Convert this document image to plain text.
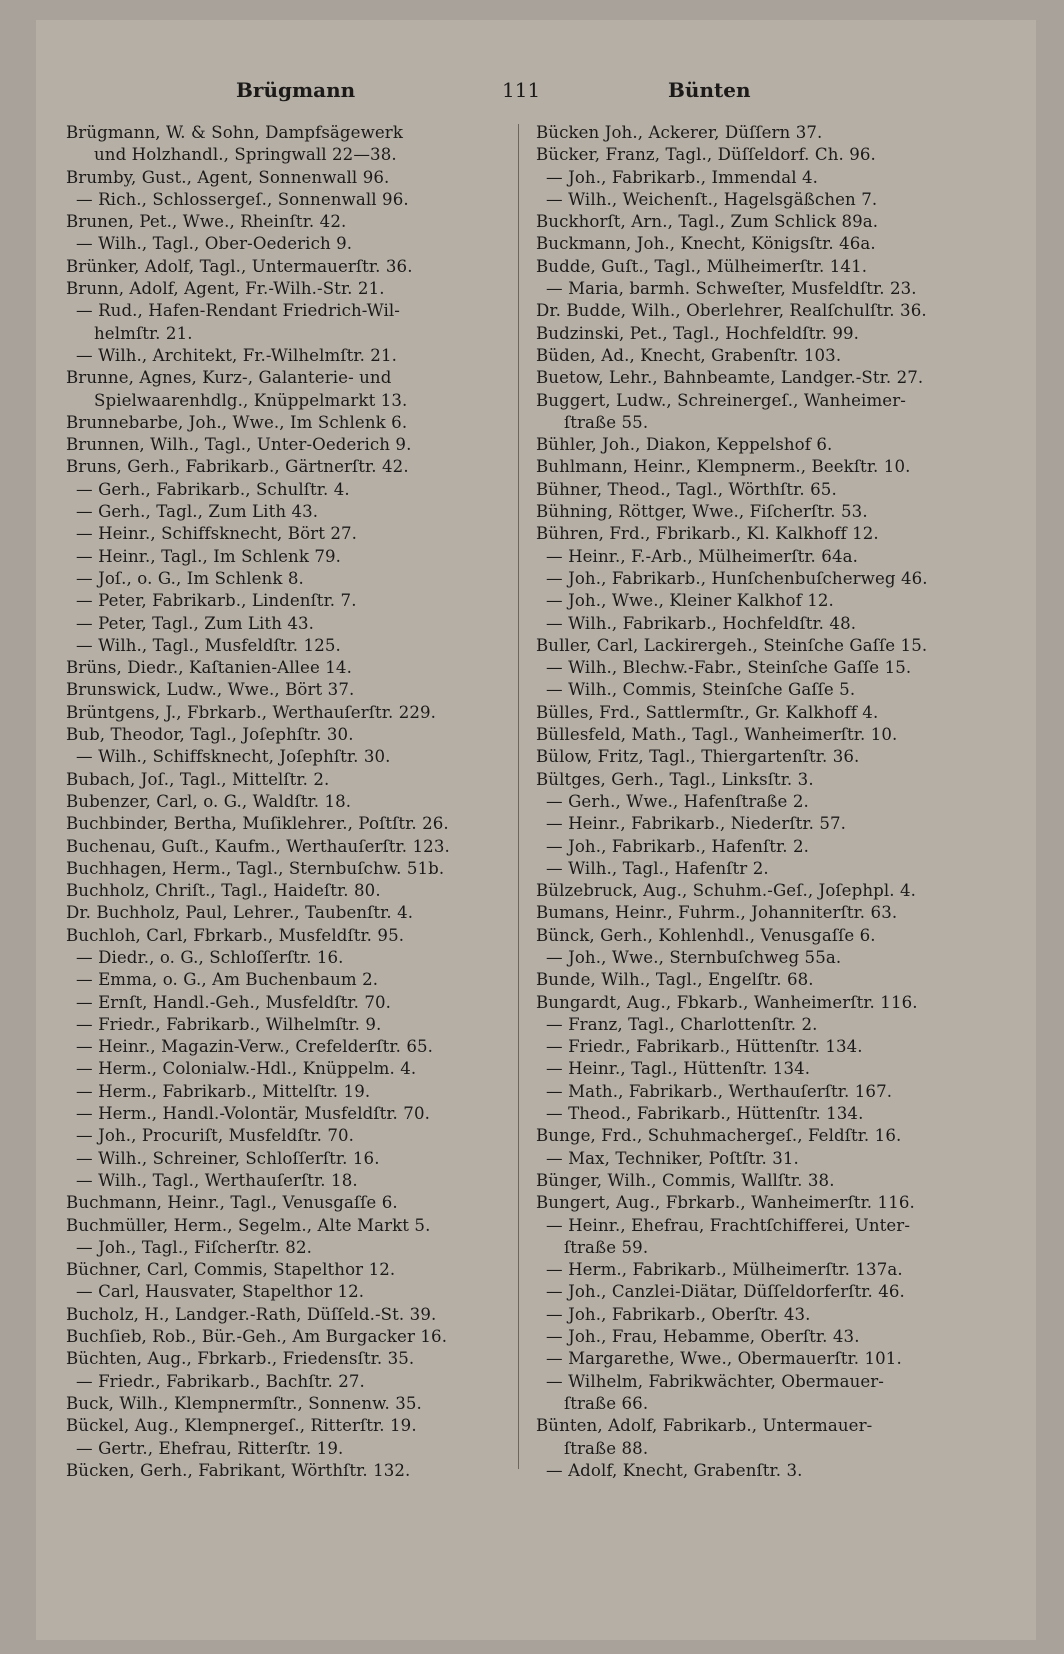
Brügmann	111	Bünten
Brügmann, W. & Sohn, Dampfsägewerk
und Holzhandl., Springwall 22—38.
Brumby, Gust., Agent, Sonnenwall 96.
— Rich., Schlossergeſ., Sonnenwall 96.
Brunen, Pet., Wwe., Rheinſtr. 42.
— Wilh., Tagl., Ober-Oederich 9.
Brünker, Adolf, Tagl., Untermauerſtr. 36.
Brunn, Adolf, Agent, Fr.-Wilh.-Str. 21.
— Rud., Hafen-Rendant Friedrich-Wil-
helmſtr. 21.
— Wilh., Architekt, Fr.-Wilhelmſtr. 21.
Brunne, Agnes, Kurz-, Galanterie- und
Spielwaarenhdlg., Knüppelmarkt 13.
Brunnebarbe, Joh., Wwe., Im Schlenk 6.
Brunnen, Wilh., Tagl., Unter-Oederich 9.
Bruns, Gerh., Fabrikarb., Gärtnerſtr. 42.
— Gerh., Fabrikarb., Schulſtr. 4.
— Gerh., Tagl., Zum Lith 43.
— Heinr., Schiffsknecht, Bört 27.
— Heinr., Tagl., Im Schlenk 79.
— Joſ., o. G., Im Schlenk 8.
— Peter, Fabrikarb., Lindenſtr. 7.
— Peter, Tagl., Zum Lith 43.
— Wilh., Tagl., Musfeldſtr. 125.
Brüns, Diedr., Kaſtanien-Allee 14.
Brunswick, Ludw., Wwe., Bört 37.
Brüntgens, J., Fbrkarb., Werthauſerſtr. 229.
Bub, Theodor, Tagl., Joſephſtr. 30.
— Wilh., Schiffsknecht, Joſephſtr. 30.
Bubach, Joſ., Tagl., Mittelſtr. 2.
Bubenzer, Carl, o. G., Waldſtr. 18.
Buchbinder, Bertha, Muſiklehrer., Poſtſtr. 26.
Buchenau, Guſt., Kaufm., Werthauſerſtr. 123.
Buchhagen, Herm., Tagl., Sternbuſchw. 51b.
Buchholz, Chriſt., Tagl., Haideſtr. 80.
Dr. Buchholz, Paul, Lehrer., Taubenſtr. 4.
Buchloh, Carl, Fbrkarb., Musfeldſtr. 95.
— Diedr., o. G., Schloſſerſtr. 16.
— Emma, o. G., Am Buchenbaum 2.
— Ernſt, Handl.-Geh., Musfeldſtr. 70.
— Friedr., Fabrikarb., Wilhelmſtr. 9.
— Heinr., Magazin-Verw., Crefelderſtr. 65.
— Herm., Colonialw.-Hdl., Knüppelm. 4.
— Herm., Fabrikarb., Mittelſtr. 19.
— Herm., Handl.-Volontär, Musfeldſtr. 70.
— Joh., Procuriſt, Musfeldſtr. 70.
— Wilh., Schreiner, Schloſſerſtr. 16.
— Wilh., Tagl., Werthauſerſtr. 18.
Buchmann, Heinr., Tagl., Venusgaſſe 6.
Buchmüller, Herm., Segelm., Alte Markt 5.
— Joh., Tagl., Fiſcherſtr. 82.
Büchner, Carl, Commis, Stapelthor 12.
— Carl, Hausvater, Stapelthor 12.
Bucholz, H., Landger.-Rath, Düſſeld.-St. 39.
Buchſieb, Rob., Bür.-Geh., Am Burgacker 16.
Büchten, Aug., Fbrkarb., Friedensſtr. 35.
— Friedr., Fabrikarb., Bachſtr. 27.
Buck, Wilh., Klempnermſtr., Sonnenw. 35.
Bückel, Aug., Klempnergeſ., Ritterſtr. 19.
— Gertr., Ehefrau, Ritterſtr. 19.
Bücken, Gerh., Fabrikant, Wörthſtr. 132.
Bücken Joh., Ackerer, Düſſern 37.
Bücker, Franz, Tagl., Düſſeldorf. Ch. 96.
— Joh., Fabrikarb., Immendal 4.
— Wilh., Weichenſt., Hagelsgäßchen 7.
Buckhorſt, Arn., Tagl., Zum Schlick 89a.
Buckmann, Joh., Knecht, Königsſtr. 46a.
Budde, Guſt., Tagl., Mülheimerſtr. 141.
— Maria, barmh. Schweſter, Musfeldſtr. 23.
Dr. Budde, Wilh., Oberlehrer, Realſchulſtr. 36.
Budzinski, Pet., Tagl., Hochfeldſtr. 99.
Büden, Ad., Knecht, Grabenſtr. 103.
Buetow, Lehr., Bahnbeamte, Landger.-Str. 27.
Buggert, Ludw., Schreinergeſ., Wanheimer-
ſtraße 55.
Bühler, Joh., Diakon, Keppelshof 6.
Buhlmann, Heinr., Klempnerm., Beekſtr. 10.
Bühner, Theod., Tagl., Wörthſtr. 65.
Bühning, Röttger, Wwe., Fiſcherſtr. 53.
Bühren, Frd., Fbrikarb., Kl. Kalkhoff 12.
— Heinr., F.-Arb., Mülheimerſtr. 64a.
— Joh., Fabrikarb., Hunſchenbuſcherweg 46.
— Joh., Wwe., Kleiner Kalkhof 12.
— Wilh., Fabrikarb., Hochfeldſtr. 48.
Buller, Carl, Lackirergeh., Steinſche Gaſſe 15.
— Wilh., Blechw.-Fabr., Steinſche Gaſſe 15.
— Wilh., Commis, Steinſche Gaſſe 5.
Bülles, Frd., Sattlermſtr., Gr. Kalkhoff 4.
Büllesfeld, Math., Tagl., Wanheimerſtr. 10.
Bülow, Fritz, Tagl., Thiergartenſtr. 36.
Bültges, Gerh., Tagl., Linksſtr. 3.
— Gerh., Wwe., Hafenſtraße 2.
— Heinr., Fabrikarb., Niederſtr. 57.
— Joh., Fabrikarb., Hafenſtr. 2.
— Wilh., Tagl., Hafenſtr 2.
Bülzebruck, Aug., Schuhm.-Geſ., Joſephpl. 4.
Bumans, Heinr., Fuhrm., Johanniterſtr. 63.
Bünck, Gerh., Kohlenhdl., Venusgaſſe 6.
— Joh., Wwe., Sternbuſchweg 55a.
Bunde, Wilh., Tagl., Engelſtr. 68.
Bungardt, Aug., Fbkarb., Wanheimerſtr. 116.
— Franz, Tagl., Charlottenſtr. 2.
— Friedr., Fabrikarb., Hüttenſtr. 134.
— Heinr., Tagl., Hüttenſtr. 134.
— Math., Fabrikarb., Werthauſerſtr. 167.
— Theod., Fabrikarb., Hüttenſtr. 134.
Bunge, Frd., Schuhmachergeſ., Feldſtr. 16.
— Max, Techniker, Poſtſtr. 31.
Bünger, Wilh., Commis, Wallſtr. 38.
Bungert, Aug., Fbrkarb., Wanheimerſtr. 116.
— Heinr., Ehefrau, Frachtſchifferei, Unter-
ſtraße 59.
— Herm., Fabrikarb., Mülheimerſtr. 137a.
— Joh., Canzlei-Diätar, Düſſeldorferſtr. 46.
— Joh., Fabrikarb., Oberſtr. 43.
— Joh., Frau, Hebamme, Oberſtr. 43.
— Margarethe, Wwe., Obermauerſtr. 101.
— Wilhelm, Fabrikwächter, Obermauer-
ſtraße 66.
Bünten, Adolf, Fabrikarb., Untermauer-
ſtraße 88.
— Adolf, Knecht, Grabenſtr. 3.
